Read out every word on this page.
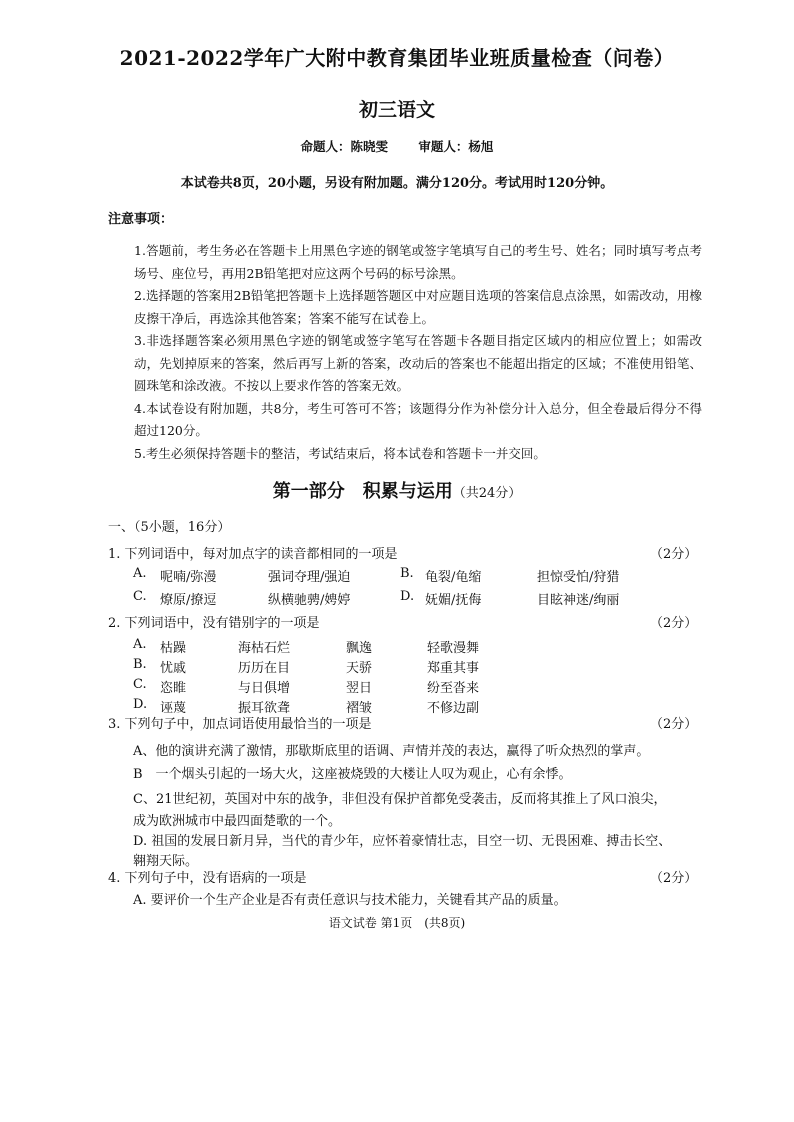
2021-2022学年广大附中教育集团毕业班质量检查（问卷）
初三语文
命题人：陈晓雯 审题人：杨旭
本试卷共8页，20小题，另设有附加题。满分120分。考试用时120分钟。
注意事项：

1.答题前，考生务必在答题卡上用黑色字迹的钢笔或签字笔填写自己的考生号、姓名；同时填写考点考场号、座位号，再用2B铅笔把对应这两个号码的标号涂黑。

2.选择题的答案用2B铅笔把答题卡上选择题答题区中对应题目选项的答案信息点涂黑，如需改动，用橡皮擦干净后，再选涂其他答案；答案不能写在试卷上。

3.非选择题答案必须用黑色字迹的钢笔或签字笔写在答题卡各题目指定区域内的相应位置上；如需改动，先划掉原来的答案，然后再写上新的答案，改动后的答案也不能超出指定的区域；不准使用铅笔、圆珠笔和涂改液。不按以上要求作答的答案无效。

4.本试卷设有附加题，共8分，考生可答可不答；该题得分作为补偿分计入总分，但全卷最后得分不得超过120分。

5.考生必须保持答题卡的整洁，考试结束后，将本试卷和答题卡一并交回。

第一部分　积累与运用（共24分）
一、（5小题，16分）
1. 下列词语中，每对加点字的读音都相同的一项是	（2分）
A. 呢喃/弥漫	强词夺理/强迫	B. 龟裂/龟缩	担惊受怕/狩猎
C. 燎原/撩逗	纵横驰骋/娉婷	D. 妩媚/抚侮	目眩神迷/绚丽
2. 下列词语中，没有错别字的一项是	（2分）
A. 枯躁	海枯石烂	飘逸	轻歌漫舞
B. 忧戚	历历在目	天骄	郑重其事
C. 恣睢	与日俱增	翌日	纷至沓来
D. 诬蔑	振耳欲聋	褶皱	不修边副
3. 下列句子中，加点词语使用最恰当的一项是	（2分）
A、他的演讲充满了激情，那歇斯底里的语调、声情并茂的表达，赢得了听众热烈的掌声。
B　一个烟头引起的一场大火，这座被烧毁的大楼让人叹为观止，心有余悸。
C、21世纪初，英国对中东的战争，非但没有保护首都免受袭击，反而将其推上了风口浪尖，
成为欧洲城市中最四面楚歌的一个。
D. 祖国的发展日新月异，当代的青少年，应怀着豪情壮志，目空一切、无畏困难、搏击长空、
翱翔天际。
4. 下列句子中，没有语病的一项是	（2分）
A. 要评价一个生产企业是否有责任意识与技术能力，关键看其产品的质量。
语文试卷 第1页　(共8页)
